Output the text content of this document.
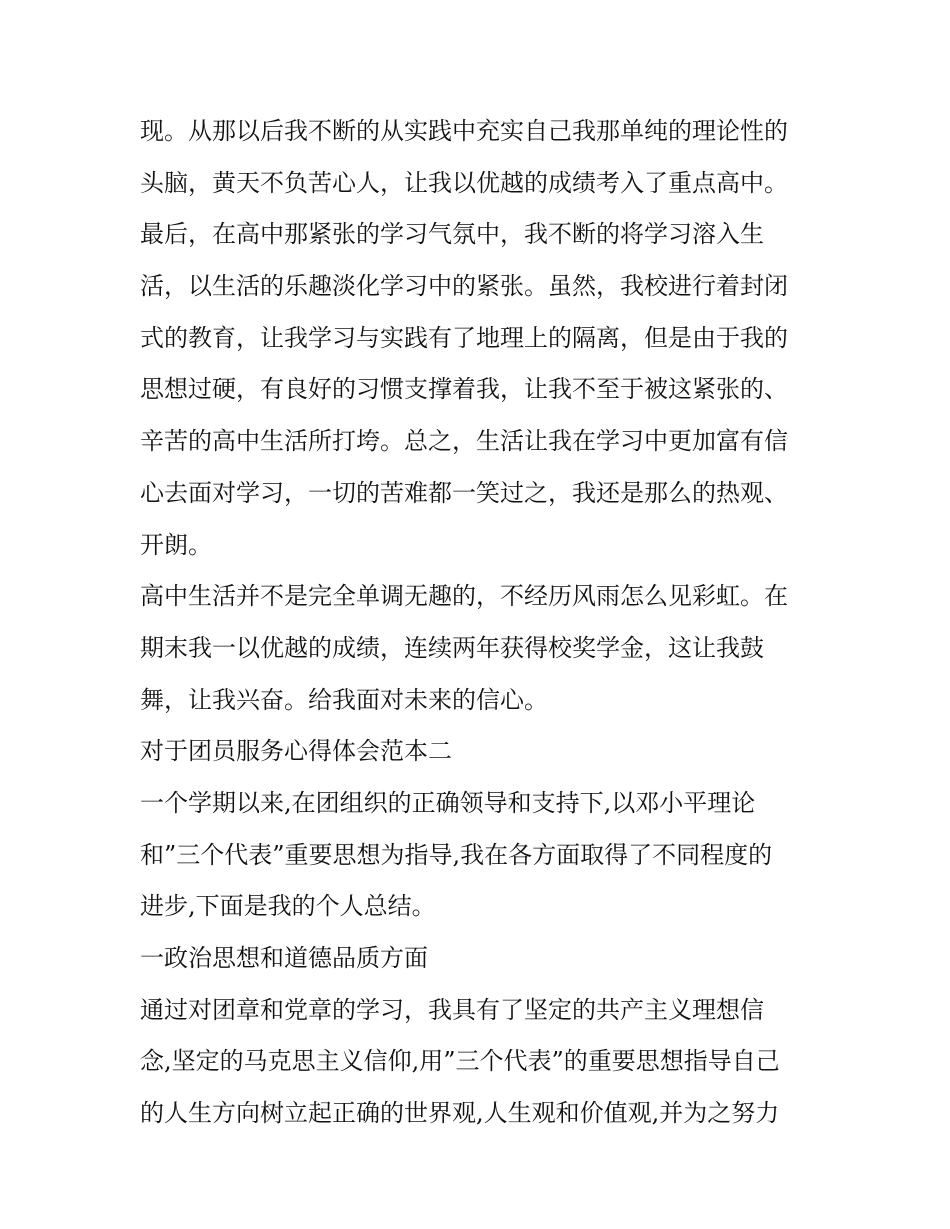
现。从那以后我不断的从实践中充实自己我那单纯的理论性的
头脑，黄天不负苦心人，让我以优越的成绩考入了重点高中。
最后，在高中那紧张的学习气氛中，我不断的将学习溶入生
活，以生活的乐趣淡化学习中的紧张。虽然，我校进行着封闭
式的教育，让我学习与实践有了地理上的隔离，但是由于我的
思想过硬，有良好的习惯支撑着我，让我不至于被这紧张的、
辛苦的高中生活所打垮。总之，生活让我在学习中更加富有信
心去面对学习，一切的苦难都一笑过之，我还是那么的热观、
开朗。
高中生活并不是完全单调无趣的，不经历风雨怎么见彩虹。在
期末我一以优越的成绩，连续两年获得校奖学金，这让我鼓
舞，让我兴奋。给我面对未来的信心。
对于团员服务心得体会范本二
一个学期以来,在团组织的正确领导和支持下,以邓小平理论
和”三个代表”重要思想为指导,我在各方面取得了不同程度的
进步,下面是我的个人总结。
一政治思想和道德品质方面
通过对团章和党章的学习，我具有了坚定的共产主义理想信
念,坚定的马克思主义信仰,用”三个代表”的重要思想指导自己
的人生方向树立起正确的世界观,人生观和价值观,并为之努力
